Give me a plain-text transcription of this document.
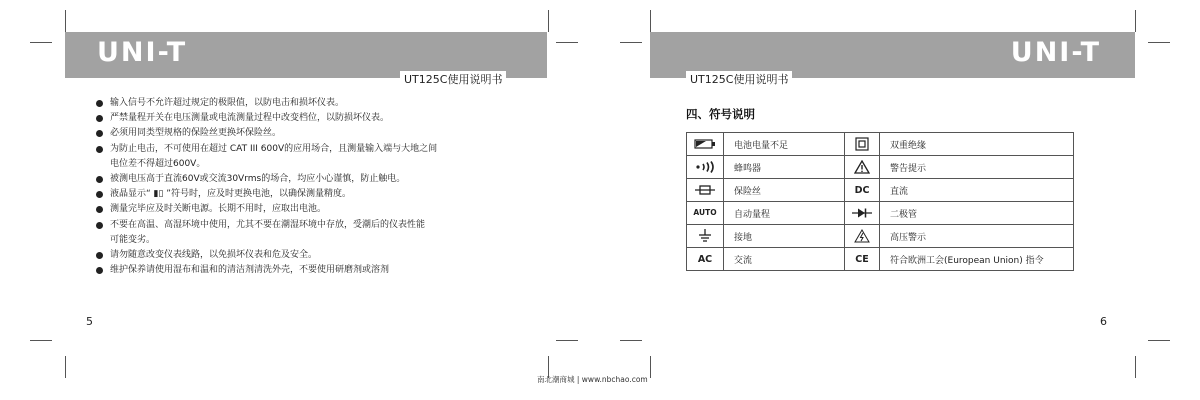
UNI-T
UT125C使用说明书
输入信号不允许超过规定的极限值，以防电击和损坏仪表。
严禁量程开关在电压测量或电流测量过程中改变档位，以防损坏仪表。
必须用同类型规格的保险丝更换坏保险丝。
为防止电击，不可使用在超过 CAT III 600V的应用场合，且测量输入端与大地之间
电位差不得超过600V。
被测电压高于直流60V或交流30Vrms的场合，均应小心谨慎，防止触电。
液晶显示“ ▮▯ ”符号时，应及时更换电池，以确保测量精度。
测量完毕应及时关断电源。长期不用时，应取出电池。
不要在高温、高湿环境中使用，尤其不要在潮湿环境中存放，受潮后的仪表性能
可能变劣。
请勿随意改变仪表线路，以免损坏仪表和危及安全。
维护保养请使用湿布和温和的清洁剂清洗外壳，不要使用研磨剂或溶剂
5
UNI-T
UT125C使用说明书
四、符号说明
	电池电量不足		双重绝缘
	蜂鸣器		警告提示
	保险丝	DC	直流
AUTO	自动量程		二极管
	接地		高压警示
AC	交流	CE	符合欧洲工会(European Union) 指令
6
南北潮商城 | www.nbchao.com
